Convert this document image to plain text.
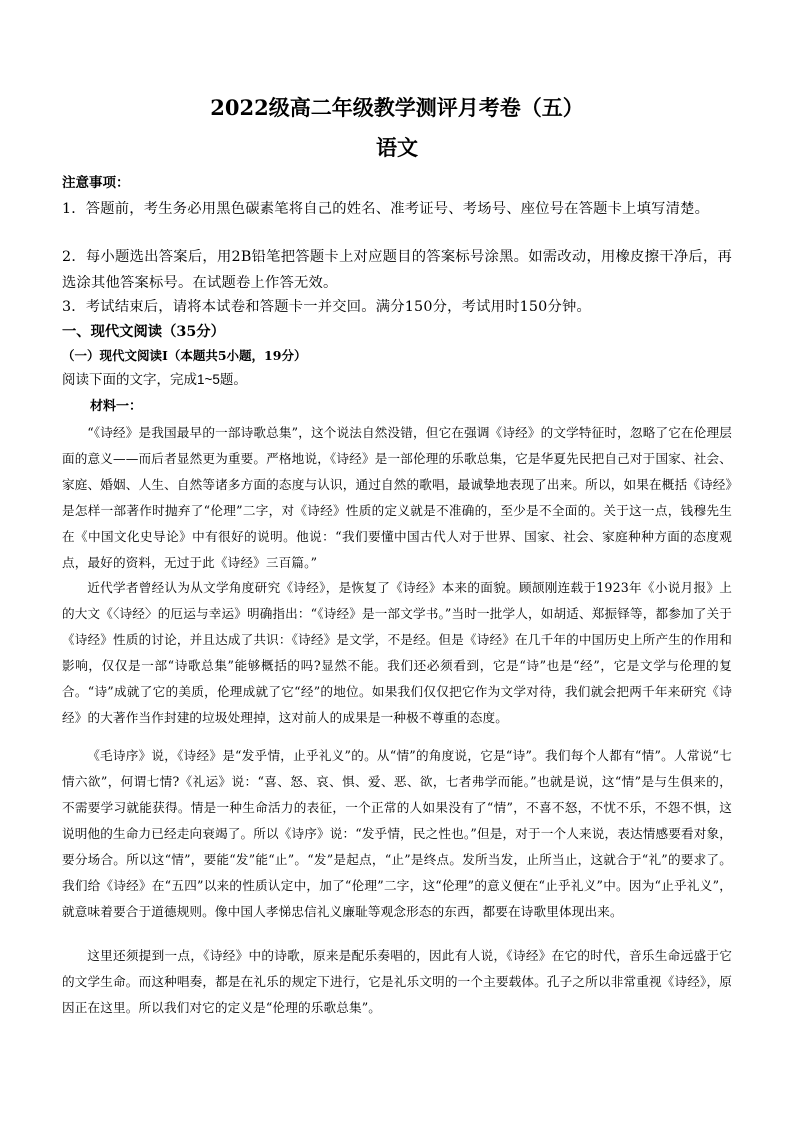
2022级高二年级教学测评月考卷（五）
语文
注意事项：
1．答题前，考生务必用黑色碳素笔将自己的姓名、准考证号、考场号、座位号在答题卡上填写清楚。
2．每小题选出答案后，用2B铅笔把答题卡上对应题目的答案标号涂黑。如需改动，用橡皮擦干净后，再选涂其他答案标号。在试题卷上作答无效。
3．考试结束后，请将本试卷和答题卡一并交回。满分150分，考试用时150分钟。
一、现代文阅读（35分）
（一）现代文阅读Ⅰ（本题共5小题，19分）
阅读下面的文字，完成1~5题。
材料一：
“《诗经》是我国最早的一部诗歌总集”，这个说法自然没错，但它在强调《诗经》的文学特征时，忽略了它在伦理层面的意义——而后者显然更为重要。严格地说，《诗经》是一部伦理的乐歌总集，它是华夏先民把自己对于国家、社会、家庭、婚姻、人生、自然等诸多方面的态度与认识，通过自然的歌唱，最诚挚地表现了出来。所以，如果在概括《诗经》是怎样一部著作时抛弃了“伦理”二字，对《诗经》性质的定义就是不准确的，至少是不全面的。关于这一点，钱穆先生在《中国文化史导论》中有很好的说明。他说：“我们要懂中国古代人对于世界、国家、社会、家庭种种方面的态度观点，最好的资料，无过于此《诗经》三百篇。”
近代学者曾经认为从文学角度研究《诗经》，是恢复了《诗经》本来的面貌。顾颉刚连载于1923年《小说月报》上的大文《〈诗经〉的厄运与幸运》明确指出：“《诗经》是一部文学书。”当时一批学人，如胡适、郑振铎等，都参加了关于《诗经》性质的讨论，并且达成了共识：《诗经》是文学，不是经。但是《诗经》在几千年的中国历史上所产生的作用和影响，仅仅是一部“诗歌总集”能够概括的吗?显然不能。我们还必须看到，它是“诗”也是“经”，它是文学与伦理的复合。“诗”成就了它的美质，伦理成就了它“经”的地位。如果我们仅仅把它作为文学对待，我们就会把两千年来研究《诗经》的大著作当作封建的垃圾处理掉，这对前人的成果是一种极不尊重的态度。
《毛诗序》说，《诗经》是“发乎情，止乎礼义”的。从“情”的角度说，它是“诗”。我们每个人都有“情”。人常说“七情六欲”，何谓七情?《礼运》说：“喜、怒、哀、惧、爱、恶、欲，七者弗学而能。”也就是说，这“情”是与生俱来的，不需要学习就能获得。情是一种生命活力的表征，一个正常的人如果没有了“情”，不喜不怒，不忧不乐，不怨不惧，这说明他的生命力已经走向衰竭了。所以《诗序》说：“发乎情，民之性也。”但是，对于一个人来说，表达情感要看对象，要分场合。所以这“情”，要能“发”能“止”。“发”是起点，“止”是终点。发所当发，止所当止，这就合于“礼”的要求了。我们给《诗经》在“五四”以来的性质认定中，加了“伦理”二字，这“伦理”的意义便在“止乎礼义”中。因为“止乎礼义”，就意味着要合于道德规则。像中国人孝悌忠信礼义廉耻等观念形态的东西，都要在诗歌里体现出来。
这里还须提到一点，《诗经》中的诗歌，原来是配乐奏唱的，因此有人说，《诗经》在它的时代，音乐生命远盛于它的文学生命。而这种唱奏，都是在礼乐的规定下进行，它是礼乐文明的一个主要载体。孔子之所以非常重视《诗经》，原因正在这里。所以我们对它的定义是“伦理的乐歌总集”。
